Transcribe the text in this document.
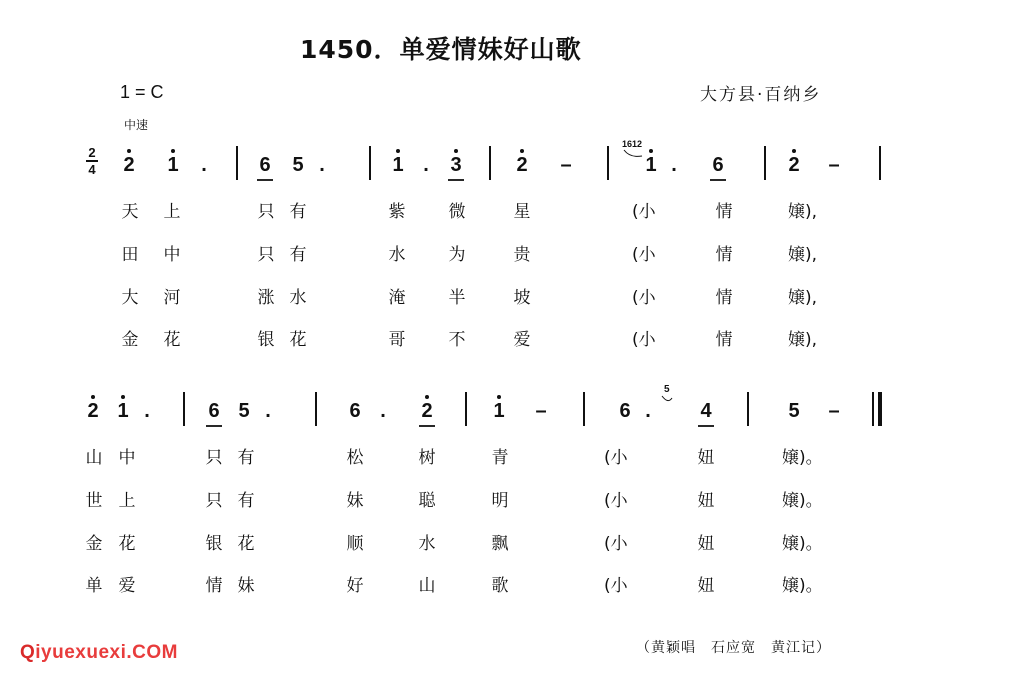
1450．单爱情妹好山歌
1 = C
中速
大方县·百纳乡
2
4 2 1 .	6 5 .	1 . 3	2 –	1 . 6	2 –
1612
天 上	只 有	紫	微	星	(小	情	嬢),
田 中	只 有	水	为	贵	(小	情	嬢),
大 河	涨 水	淹	半	坡	(小	情	嬢),
金 花	银 花	哥	不	爱	(小	情	嬢),
2 1 .	6 5 .	6 . 2	1 –	6 . 4	5 –
5
山 中	只 有	松	树	青	(小	妞	嬢)。
世 上	只 有	妹	聪	明	(小	妞	嬢)。
金 花	银 花	顺	水	飘	(小	妞	嬢)。
单 爱	情 妹	好	山	歌	(小	妞	嬢)。
（黄颖唱　石应宽　黄江记）
Qiyuexuexi.COM
